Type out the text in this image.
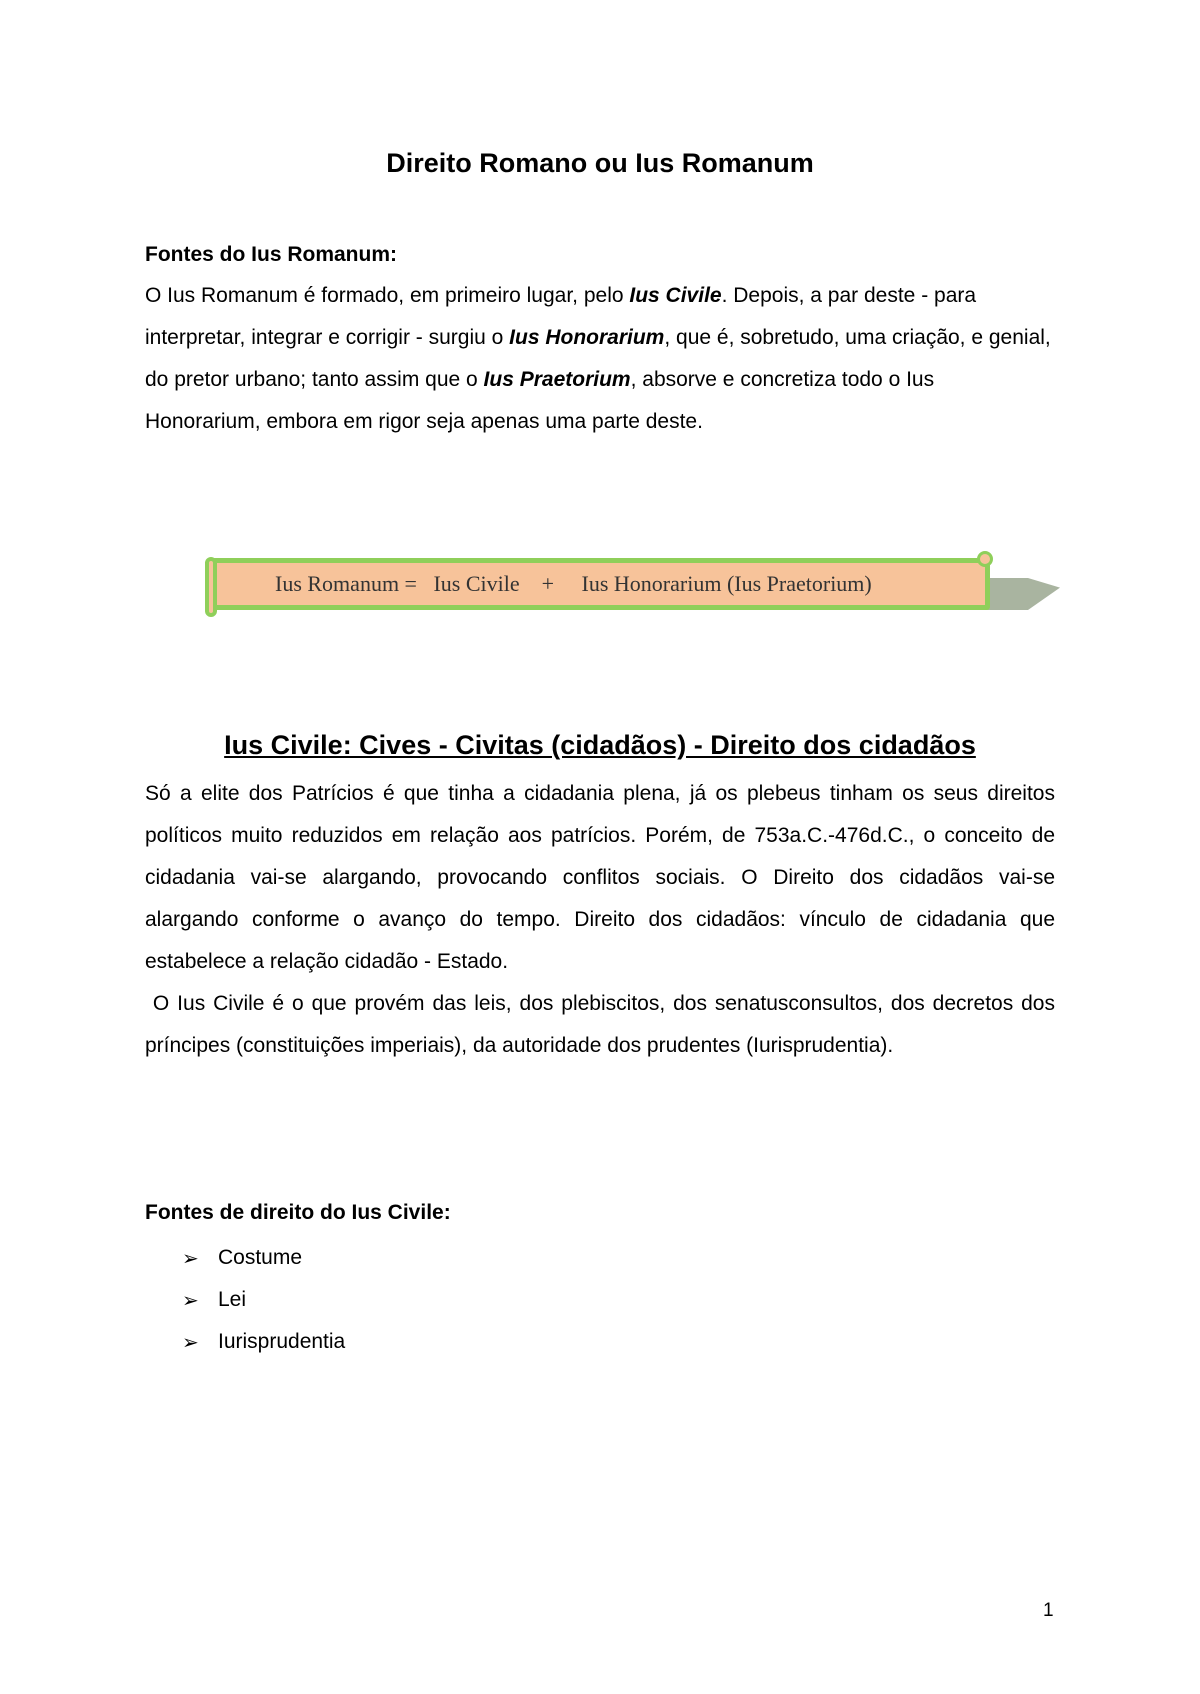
Direito Romano ou Ius Romanum
Fontes do Ius Romanum:
O Ius Romanum é formado, em primeiro lugar, pelo Ius Civile. Depois, a par deste - para interpretar, integrar e corrigir - surgiu o Ius Honorarium, que é, sobretudo, uma criação, e genial, do pretor urbano; tanto assim que o Ius Praetorium, absorve e concretiza todo o Ius Honorarium, embora em rigor seja apenas uma parte deste.
Ius Romanum =   Ius Civile    +     Ius Honorarium (Ius Praetorium)
Ius Civile: Cives - Civitas (cidadãos) - Direito dos cidadãos
Só a elite dos Patrícios é que tinha a cidadania plena, já os plebeus tinham os seus direitos políticos muito reduzidos em relação aos patrícios. Porém, de 753a.C.-476d.C., o conceito de cidadania vai-se alargando, provocando conflitos sociais. O Direito dos cidadãos vai-se alargando conforme o avanço do tempo. Direito dos cidadãos: vínculo de cidadania que estabelece a relação cidadão - Estado.
O Ius Civile é o que provém das leis, dos plebiscitos, dos senatusconsultos, dos decretos dos príncipes (constituições imperiais), da autoridade dos prudentes (Iurisprudentia).
Fontes de direito do Ius Civile:
➢ Costume
➢ Lei
➢ Iurisprudentia
1
